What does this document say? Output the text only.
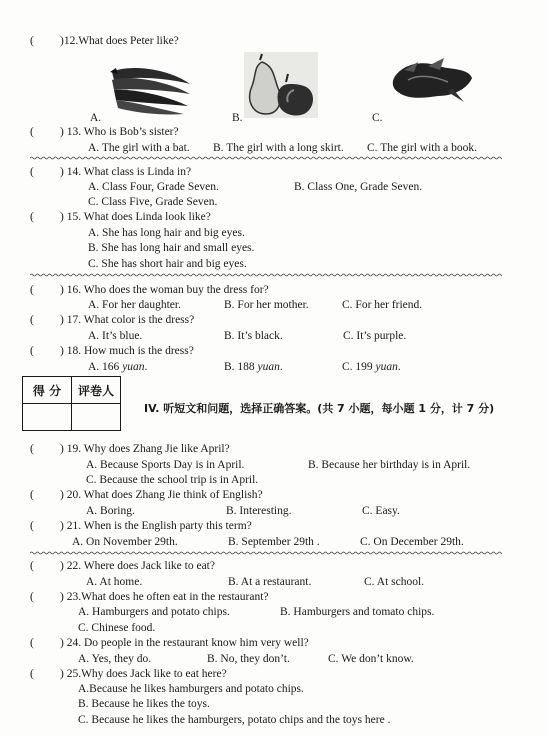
( )12.What does Peter like?
A.	B.	C.
( ) 13. Who is Bob’s sister?
A. The girl with a bat. B. The girl with a long skirt. C. The girl with a book.
( ) 14. What class is Linda in?
A. Class Four, Grade Seven.	B. Class One, Grade Seven.
C. Class Five, Grade Seven.
( ) 15. What does Linda look like?
A. She has long hair and big eyes.
B. She has long hair and small eyes.
C. She has short hair and big eyes.
( ) 16. Who does the woman buy the dress for?
A. For her daughter.	B. For her mother.	C. For her friend.
( ) 17. What color is the dress?
A. It’s blue.	B. It’s black.	C. It’s purple.
( ) 18. How much is the dress?
A. 166 yuan.	B. 188 yuan.	C. 199 yuan.
得 分	评卷人

IV. 听短文和问题，选择正确答案。(共 7 小题，每小题 1 分，计 7 分)
( ) 19. Why does Zhang Jie like April?
A. Because Sports Day is in April.	B. Because her birthday is in April.
C. Because the school trip is in April.
( ) 20. What does Zhang Jie think of English?
A. Boring.	B. Interesting.	C. Easy.
( ) 21. When is the English party this term?
A. On November 29th.	B. September 29th .	C. On December 29th.
( ) 22. Where does Jack like to eat?
A. At home.	B. At a restaurant.	C. At school.
( ) 23.What does he often eat in the restaurant?
A. Hamburgers and potato chips.	B. Hamburgers and tomato chips.
C. Chinese food.
( ) 24. Do people in the restaurant know him very well?
A. Yes, they do.	B. No, they don’t.	C. We don’t know.
( ) 25.Why does Jack like to eat here?
A.Because he likes hamburgers and potato chips.
B. Because he likes the toys.
C. Because he likes the hamburgers, potato chips and the toys here .
